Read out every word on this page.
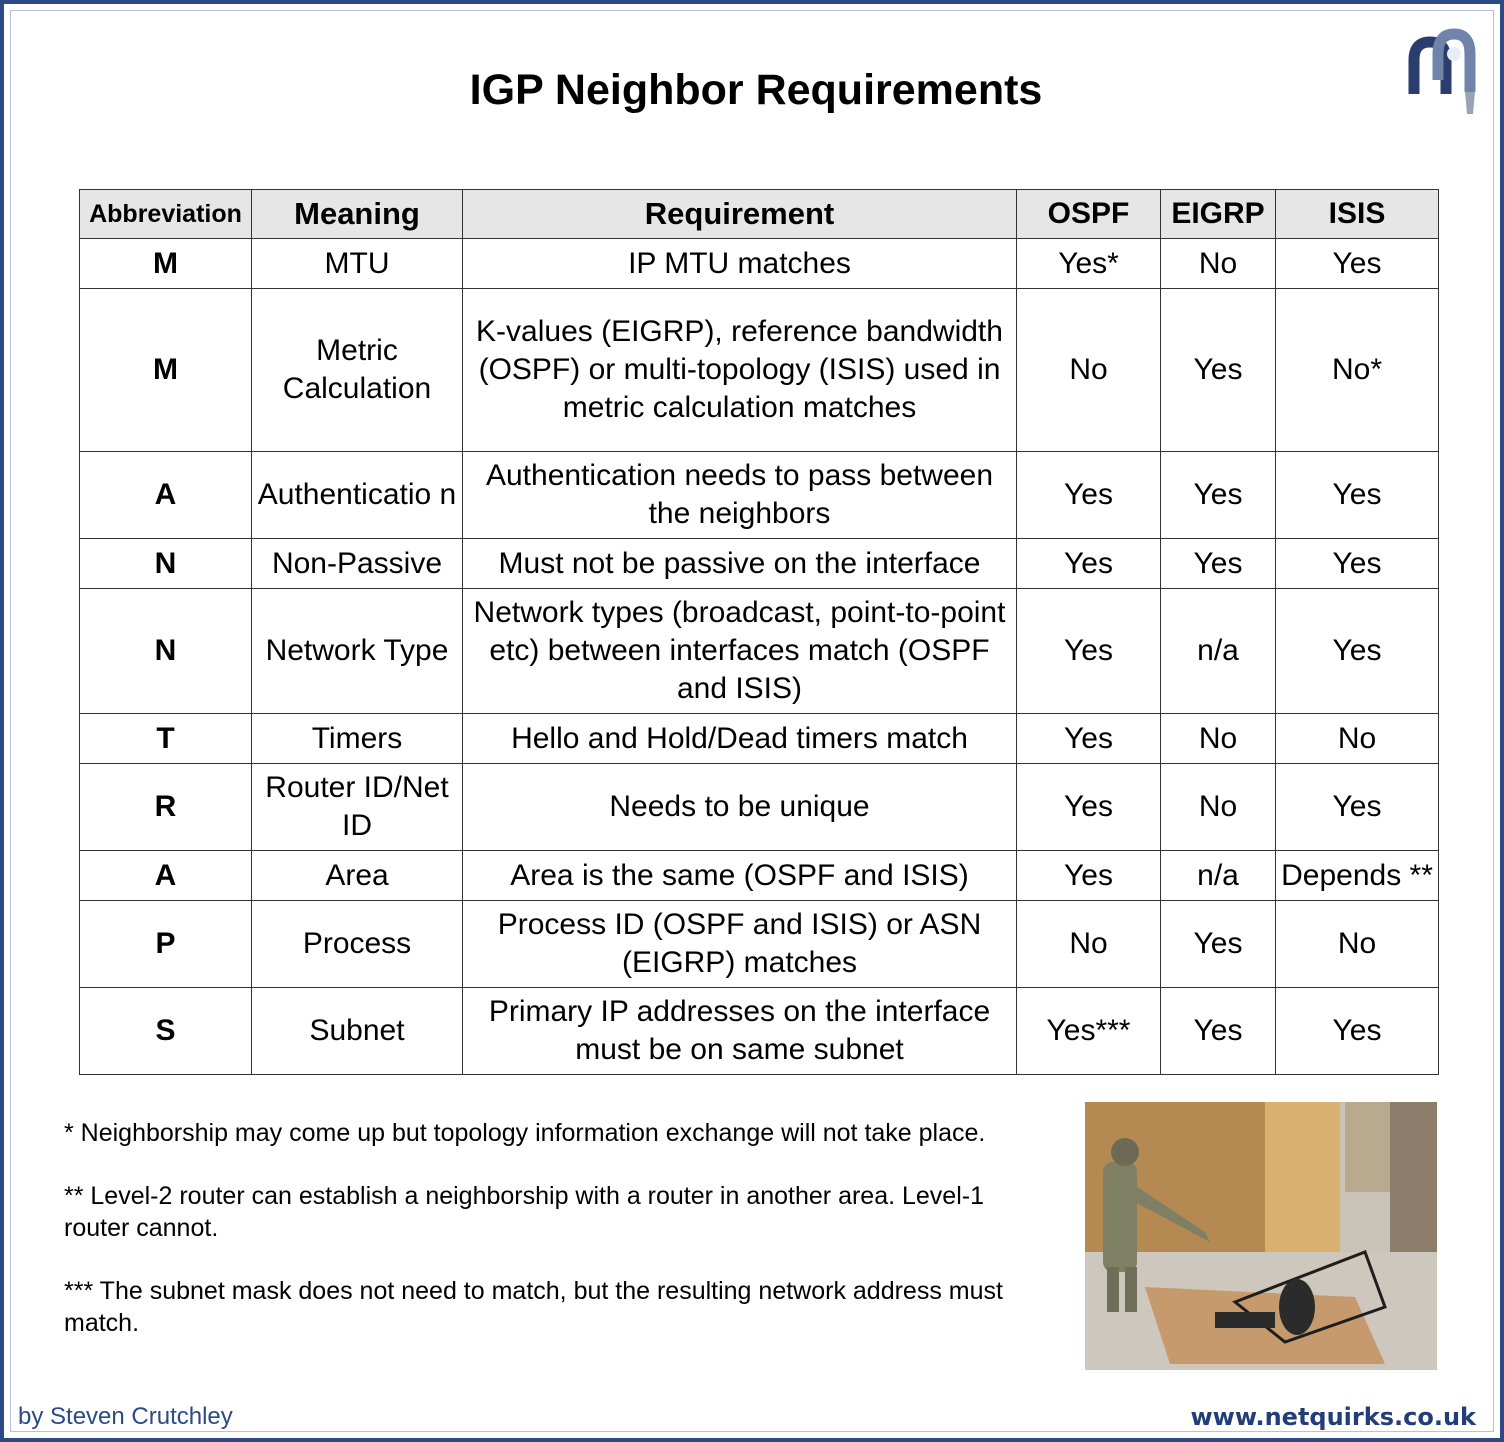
IGP Neighbor Requirements
Abbreviation	Meaning	Requirement	OSPF	EIGRP	ISIS
M	MTU	IP MTU matches	Yes*	No	Yes
M	Metric Calculation	K-values (EIGRP), reference bandwidth (OSPF) or multi-topology (ISIS) used in metric calculation matches	No	Yes	No*
A	Authenticatio n	Authentication needs to pass between the neighbors	Yes	Yes	Yes
N	Non-Passive	Must not be passive on the interface	Yes	Yes	Yes
N	Network Type	Network types (broadcast, point-to-point etc) between interfaces match (OSPF and ISIS)	Yes	n/a	Yes
T	Timers	Hello and Hold/Dead timers match	Yes	No	No
R	Router ID/Net ID	Needs to be unique	Yes	No	Yes
A	Area	Area is the same (OSPF and ISIS)	Yes	n/a	Depends **
P	Process	Process ID (OSPF and ISIS) or ASN (EIGRP) matches	No	Yes	No
S	Subnet	Primary IP addresses on the interface must be on same subnet	Yes***	Yes	Yes

* Neighborship may come up but topology information exchange will not take place.

** Level-2 router can establish a neighborship with a router in another area. Level-1 router cannot.

*** The subnet mask does not need to match, but the resulting network address must match.

by Steven Crutchley	www.netquirks.co.uk
